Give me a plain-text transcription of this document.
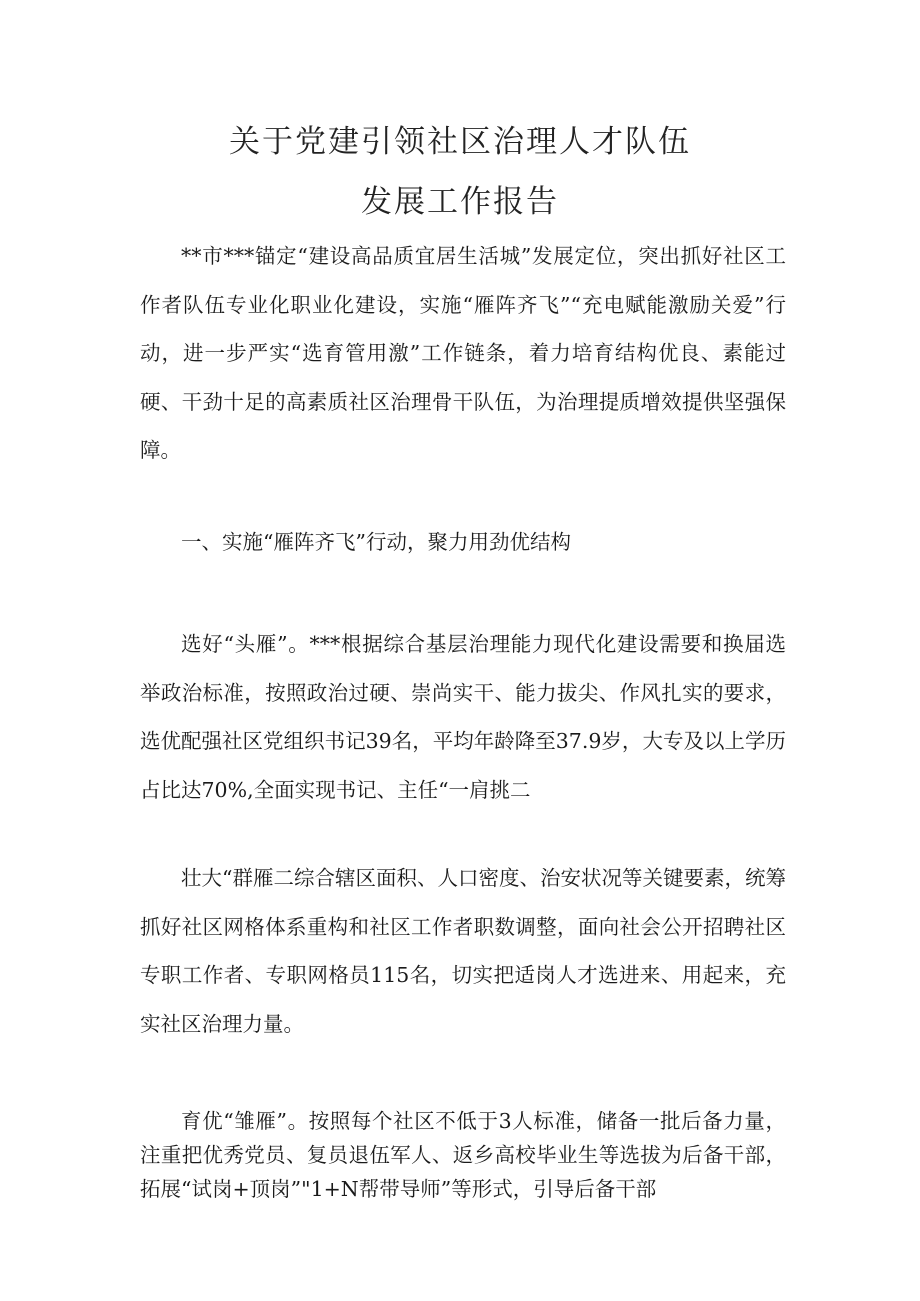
关于党建引领社区治理人才队伍
发展工作报告

**市***锚定“建设高品质宜居生活城”发展定位，突出抓好社区工作者队伍专业化职业化建设，实施“雁阵齐飞”“充电赋能激励关爱”行动，进一步严实“选育管用激”工作链条，着力培育结构优良、素能过硬、干劲十足的高素质社区治理骨干队伍，为治理提质增效提供坚强保障。

一、实施“雁阵齐飞”行动，聚力用劲优结构

选好“头雁”。***根据综合基层治理能力现代化建设需要和换届选举政治标准，按照政治过硬、崇尚实干、能力拔尖、作风扎实的要求，选优配强社区党组织书记39名，平均年龄降至37.9岁，大专及以上学历占比达70%,全面实现书记、主任“一肩挑二

壮大“群雁二综合辖区面积、人口密度、治安状况等关键要素，统筹抓好社区网格体系重构和社区工作者职数调整，面向社会公开招聘社区专职工作者、专职网格员115名，切实把适岗人才选进来、用起来，充实社区治理力量。

育优“雏雁”。按照每个社区不低于3人标准，储备一批后备力量，注重把优秀党员、复员退伍军人、返乡高校毕业生等选拔为后备干部，拓展“试岗+顶岗”"1+N帮带导师”等形式，引导后备干部
